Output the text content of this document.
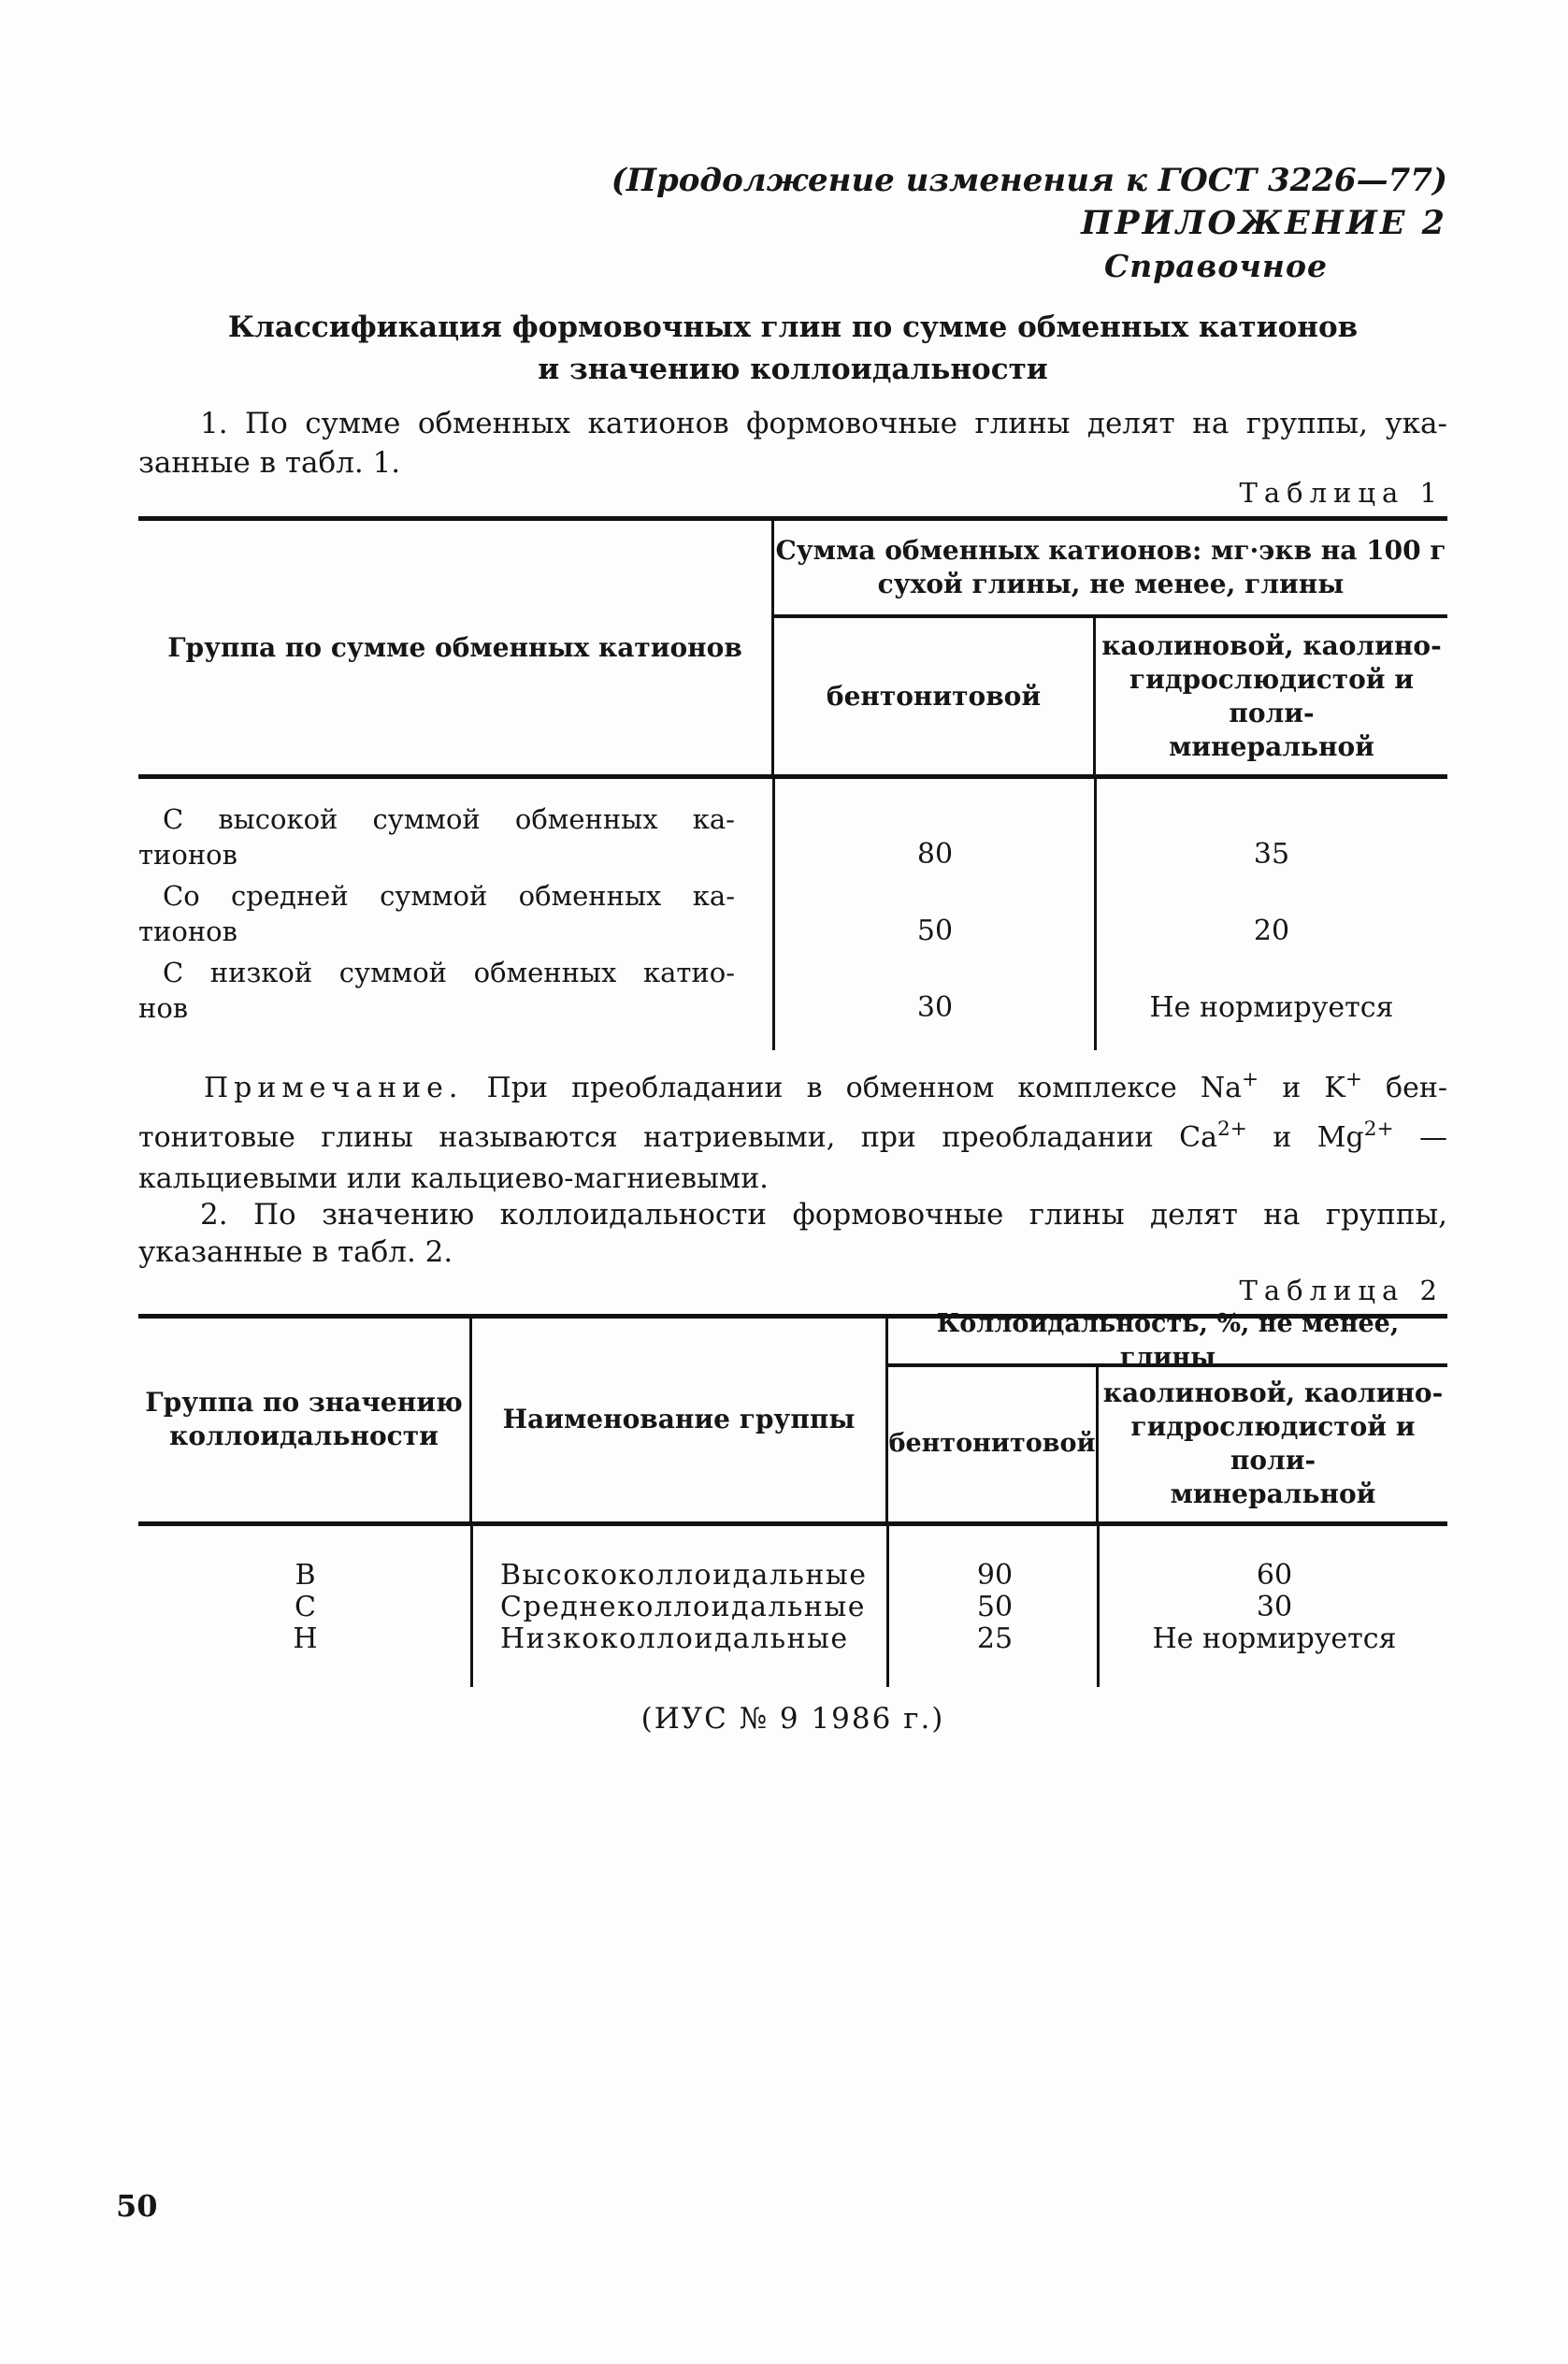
(Продолжение изменения к ГОСТ 3226—77)
ПРИЛОЖЕНИЕ 2
Справочное
Классификация формовочных глин по сумме обменных катионов
и значению коллоидальности
1. По сумме обменных катионов формовочные глины делят на группы, ука-
занные в табл. 1.
Таблица 1
Группа по сумме обменных катионов
Сумма обменных катионов: мг·экв на 100 г
сухой глины, не менее, глины
бентонитовой
каолиновой, каолино-
гидрослюдистой и поли-
минеральной
С высокой суммой обменных ка-
тионов	80	35
Со средней суммой обменных ка-
тионов	50	20
С низкой суммой обменных катио-
нов	30	Не нормируется
Примечание. При преобладании в обменном комплексе Na+ и K+ бен-
тонитовые глины называются натриевыми, при преобладании $Ca^{2+}$ и $Mg^{2+}$ —
кальциевыми или кальциево-магниевыми.
2. По значению коллоидальности формовочные глины делят на группы,
указанные в табл. 2.
Таблица 2
Группа по значению
коллоидальности
Наименование группы
Коллоидальность, %, не менее, глины
бентонитовой
каолиновой, каолино-
гидрослюдистой и поли-
минеральной
В	Высококоллоидальные	90	60
С	Среднеколлоидальные	50	30
Н	Низкоколлоидальные	25	Не нормируется
(ИУС № 9 1986 г.)
50
